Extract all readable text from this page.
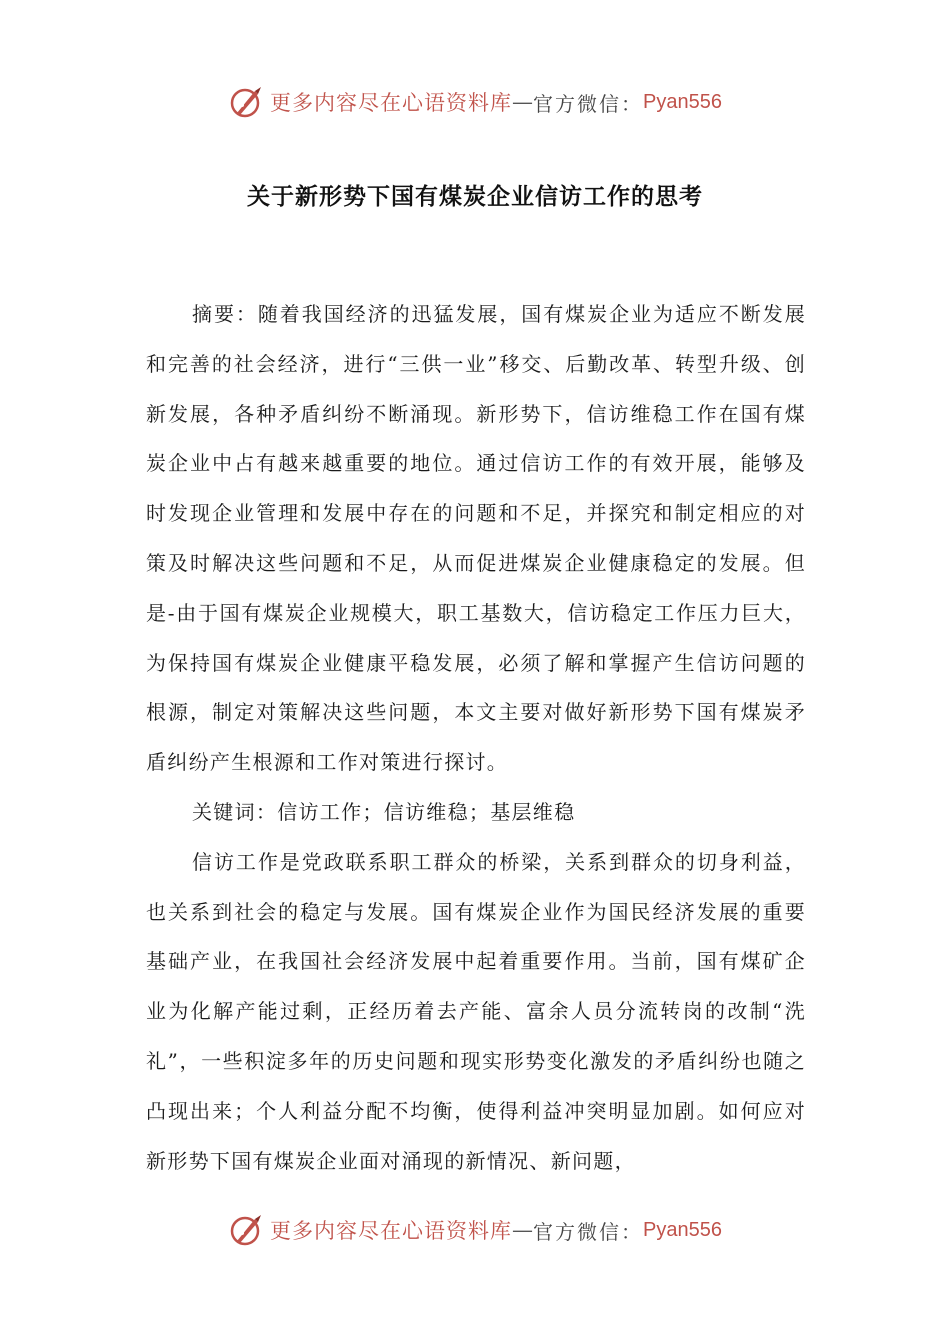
更多内容尽在心语资料库 — 官方微信： Pyan556
关于新形势下国有煤炭企业信访工作的思考

摘要：随着我国经济的迅猛发展，国有煤炭企业为适应不断发展和完善的社会经济，进行“三供一业”移交、后勤改革、转型升级、创新发展，各种矛盾纠纷不断涌现。新形势下，信访维稳工作在国有煤炭企业中占有越来越重要的地位。通过信访工作的有效开展，能够及时发现企业管理和发展中存在的问题和不足，并探究和制定相应的对策及时解决这些问题和不足，从而促进煤炭企业健康稳定的发展。但是-由于国有煤炭企业规模大，职工基数大，信访稳定工作压力巨大，为保持国有煤炭企业健康平稳发展，必须了解和掌握产生信访问题的根源，制定对策解决这些问题，本文主要对做好新形势下国有煤炭矛盾纠纷产生根源和工作对策进行探讨。

关键词：信访工作；信访维稳；基层维稳

信访工作是党政联系职工群众的桥梁，关系到群众的切身利益，也关系到社会的稳定与发展。国有煤炭企业作为国民经济发展的重要基础产业，在我国社会经济发展中起着重要作用。当前，国有煤矿企业为化解产能过剩，正经历着去产能、富余人员分流转岗的改制“洗礼”，一些积淀多年的历史问题和现实形势变化激发的矛盾纠纷也随之凸现出来；个人利益分配不均衡，使得利益冲突明显加剧。如何应对新形势下国有煤炭企业面对涌现的新情况、新问题，

更多内容尽在心语资料库 — 官方微信： Pyan556
